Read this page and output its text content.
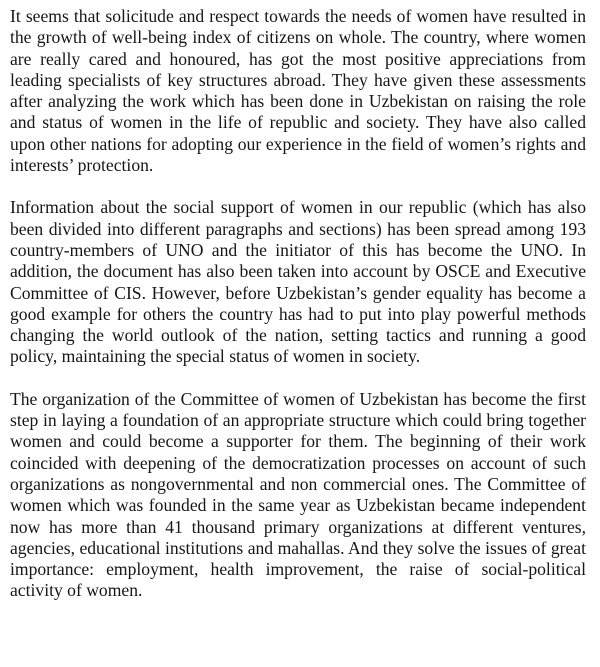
It seems that solicitude and respect towards the needs of women have resulted in the growth of well-being index of citizens on whole. The country, where women are really cared and honoured, has got the most positive appreciations from leading specialists of key structures abroad. They have given these assessments after analyzing the work which has been done in Uzbekistan on raising the role and status of women in the life of republic and society. They have also called upon other nations for adopting our experience in the field of women’s rights and interests’ protection.

Information about the social support of women in our republic (which has also been divided into different paragraphs and sections) has been spread among 193 country-members of UNO and the initiator of this has become the UNO. In addition, the document has also been taken into account by OSCE and Executive Committee of CIS. However, before Uzbekistan’s gender equality has become a good example for others the country has had to put into play powerful methods changing the world outlook of the nation, setting tactics and running a good policy, maintaining the special status of women in society.

The organization of the Committee of women of Uzbekistan has become the first step in laying a foundation of an appropriate structure which could bring together women and could become a supporter for them. The beginning of their work coincided with deepening of the democratization processes on account of such organizations as nongovernmental and non commercial ones. The Committee of women which was founded in the same year as Uzbekistan became independent now has more than 41 thousand primary organizations at different ventures, agencies, educational institutions and mahallas. And they solve the issues of great importance: employment, health improvement, the raise of social-political activity of women.
